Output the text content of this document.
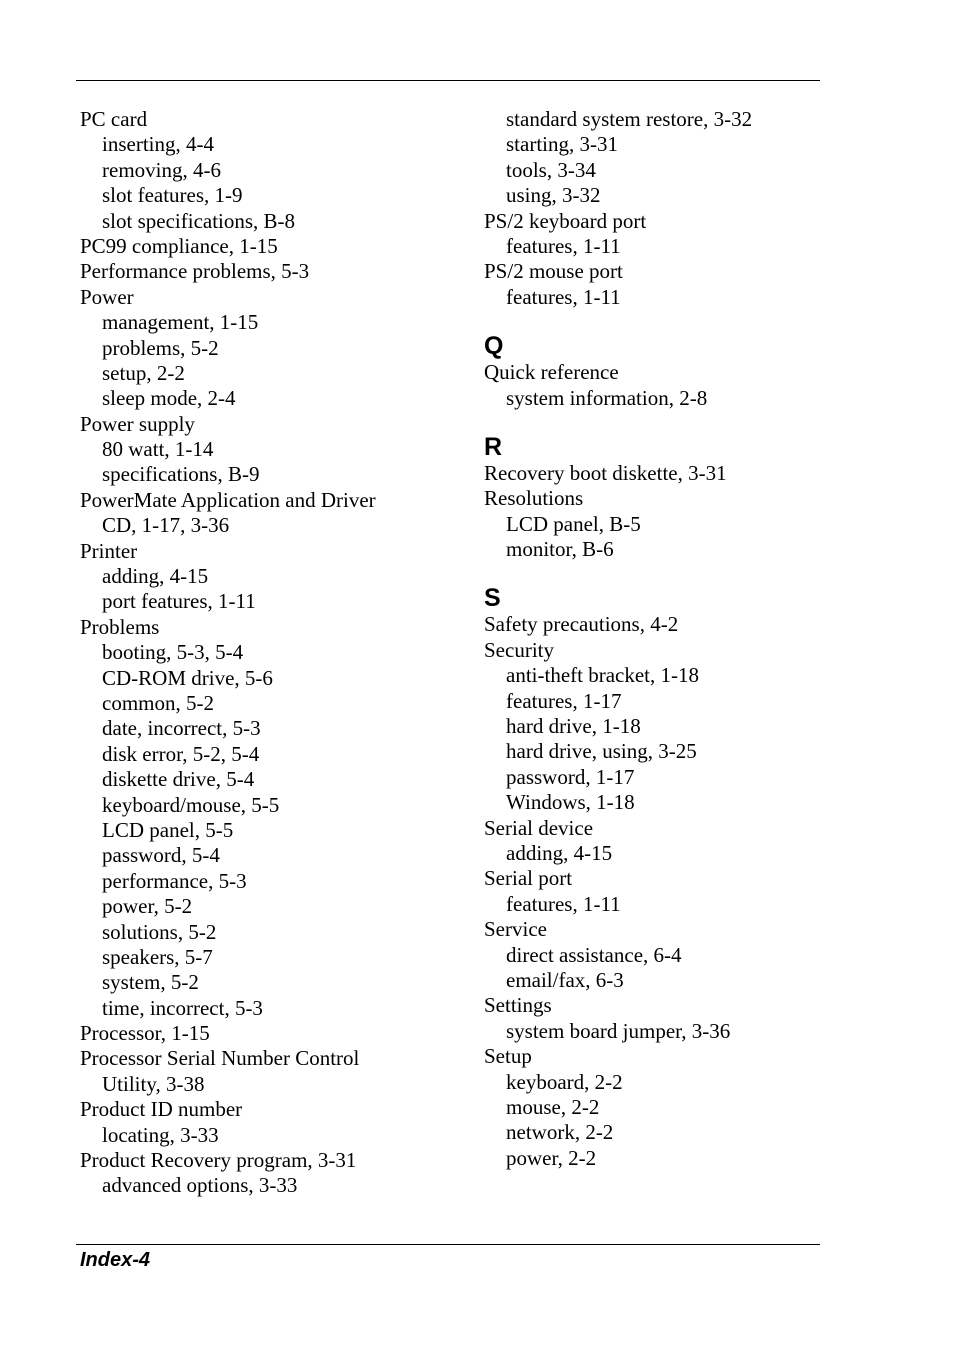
PC card
inserting, 4-4
removing, 4-6
slot features, 1-9
slot specifications, B-8
PC99 compliance, 1-15
Performance problems, 5-3
Power
management, 1-15
problems, 5-2
setup, 2-2
sleep mode, 2-4
Power supply
80 watt, 1-14
specifications, B-9
PowerMate Application and Driver
CD, 1-17, 3-36
Printer
adding, 4-15
port features, 1-11
Problems
booting, 5-3, 5-4
CD-ROM drive, 5-6
common, 5-2
date, incorrect, 5-3
disk error, 5-2, 5-4
diskette drive, 5-4
keyboard/mouse, 5-5
LCD panel, 5-5
password, 5-4
performance, 5-3
power, 5-2
solutions, 5-2
speakers, 5-7
system, 5-2
time, incorrect, 5-3
Processor, 1-15
Processor Serial Number Control
Utility, 3-38
Product ID number
locating, 3-33
Product Recovery program, 3-31
advanced options, 3-33
standard system restore, 3-32
starting, 3-31
tools, 3-34
using, 3-32
PS/2 keyboard port
features, 1-11
PS/2 mouse port
features, 1-11
Q
Quick reference
system information, 2-8
R
Recovery boot diskette, 3-31
Resolutions
LCD panel, B-5
monitor, B-6
S
Safety precautions, 4-2
Security
anti-theft bracket, 1-18
features, 1-17
hard drive, 1-18
hard drive, using, 3-25
password, 1-17
Windows, 1-18
Serial device
adding, 4-15
Serial port
features, 1-11
Service
direct assistance, 6-4
email/fax, 6-3
Settings
system board jumper, 3-36
Setup
keyboard, 2-2
mouse, 2-2
network, 2-2
power, 2-2
Index-4
